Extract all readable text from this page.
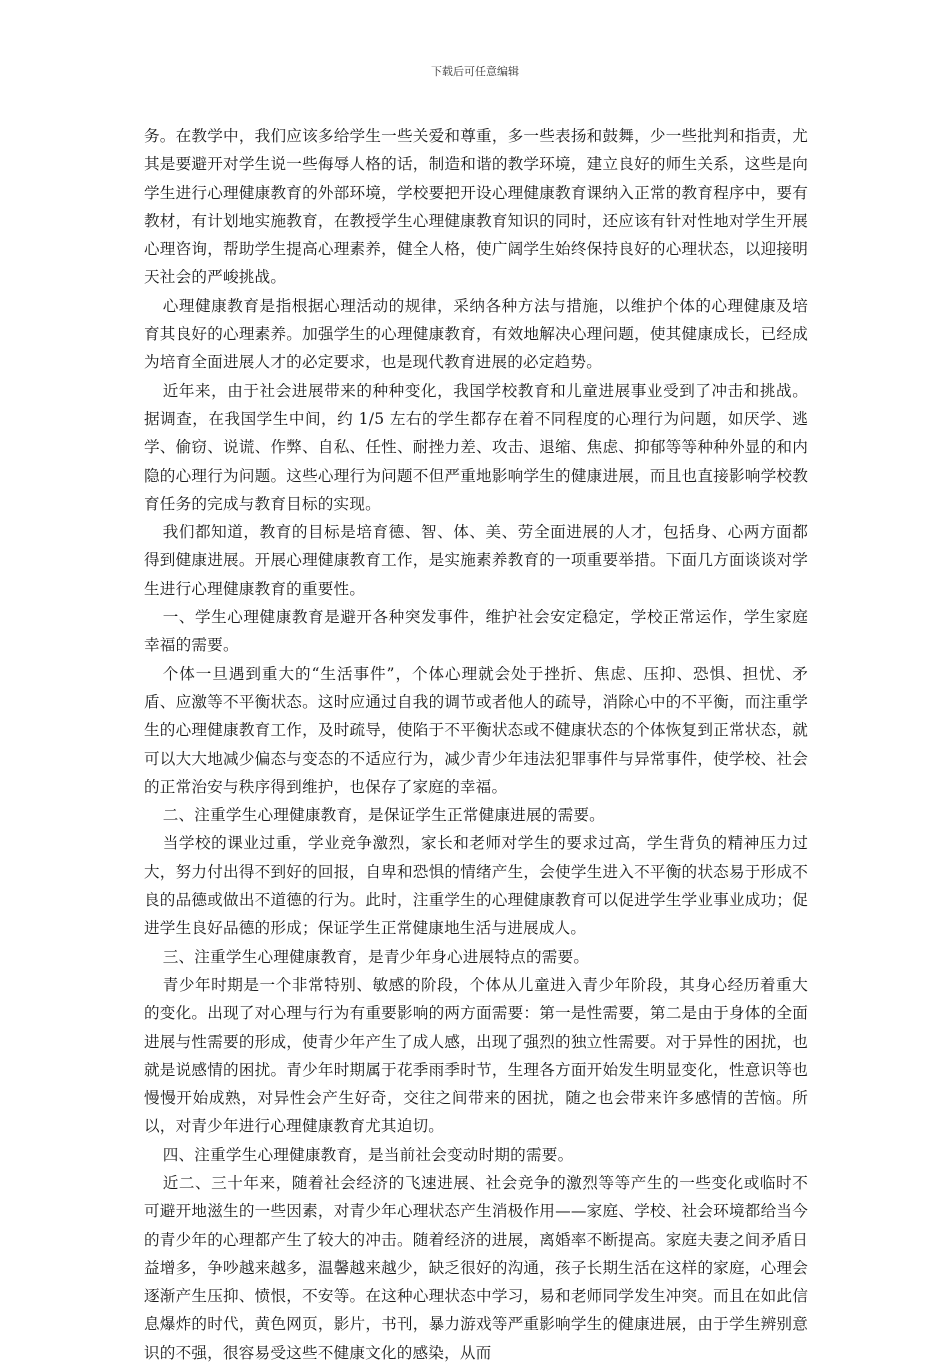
下载后可任意编辑

务。在教学中，我们应该多给学生一些关爱和尊重，多一些表扬和鼓舞，少一些批判和指责，尤其是要避开对学生说一些侮辱人格的话，制造和谐的教学环境，建立良好的师生关系，这些是向学生进行心理健康教育的外部环境，学校要把开设心理健康教育课纳入正常的教育程序中，要有教材，有计划地实施教育，在教授学生心理健康教育知识的同时，还应该有针对性地对学生开展心理咨询，帮助学生提高心理素养，健全人格，使广阔学生始终保持良好的心理状态，以迎接明天社会的严峻挑战。

心理健康教育是指根据心理活动的规律，采纳各种方法与措施，以维护个体的心理健康及培育其良好的心理素养。加强学生的心理健康教育，有效地解决心理问题，使其健康成长，已经成为培育全面进展人才的必定要求，也是现代教育进展的必定趋势。

近年来，由于社会进展带来的种种变化，我国学校教育和儿童进展事业受到了冲击和挑战。据调查，在我国学生中间，约 1/5 左右的学生都存在着不同程度的心理行为问题，如厌学、逃学、偷窃、说谎、作弊、自私、任性、耐挫力差、攻击、退缩、焦虑、抑郁等等种种外显的和内隐的心理行为问题。这些心理行为问题不但严重地影响学生的健康进展，而且也直接影响学校教育任务的完成与教育目标的实现。

我们都知道，教育的目标是培育德、智、体、美、劳全面进展的人才，包括身、心两方面都得到健康进展。开展心理健康教育工作，是实施素养教育的一项重要举措。下面几方面谈谈对学生进行心理健康教育的重要性。

一、学生心理健康教育是避开各种突发事件，维护社会安定稳定，学校正常运作，学生家庭幸福的需要。

个体一旦遇到重大的“生活事件”，个体心理就会处于挫折、焦虑、压抑、恐惧、担忧、矛盾、应激等不平衡状态。这时应通过自我的调节或者他人的疏导，消除心中的不平衡，而注重学生的心理健康教育工作，及时疏导，使陷于不平衡状态或不健康状态的个体恢复到正常状态，就可以大大地减少偏态与变态的不适应行为，减少青少年违法犯罪事件与异常事件，使学校、社会的正常治安与秩序得到维护，也保存了家庭的幸福。

二、注重学生心理健康教育，是保证学生正常健康进展的需要。

当学校的课业过重，学业竞争激烈，家长和老师对学生的要求过高，学生背负的精神压力过大，努力付出得不到好的回报，自卑和恐惧的情绪产生，会使学生进入不平衡的状态易于形成不良的品德或做出不道德的行为。此时，注重学生的心理健康教育可以促进学生学业事业成功；促进学生良好品德的形成；保证学生正常健康地生活与进展成人。

三、注重学生心理健康教育，是青少年身心进展特点的需要。

青少年时期是一个非常特别、敏感的阶段，个体从儿童进入青少年阶段，其身心经历着重大的变化。出现了对心理与行为有重要影响的两方面需要：第一是性需要，第二是由于身体的全面进展与性需要的形成，使青少年产生了成人感，出现了强烈的独立性需要。对于异性的困扰，也就是说感情的困扰。青少年时期属于花季雨季时节，生理各方面开始发生明显变化，性意识等也慢慢开始成熟，对异性会产生好奇，交往之间带来的困扰，随之也会带来许多感情的苦恼。所以，对青少年进行心理健康教育尤其迫切。

四、注重学生心理健康教育，是当前社会变动时期的需要。

近二、三十年来，随着社会经济的飞速进展、社会竞争的激烈等等产生的一些变化或临时不可避开地滋生的一些因素，对青少年心理状态产生消极作用——家庭、学校、社会环境都给当今的青少年的心理都产生了较大的冲击。随着经济的进展，离婚率不断提高。家庭夫妻之间矛盾日益增多，争吵越来越多，温馨越来越少，缺乏很好的沟通，孩子长期生活在这样的家庭，心理会逐渐产生压抑、愤恨，不安等。在这种心理状态中学习，易和老师同学发生冲突。而且在如此信息爆炸的时代，黄色网页，影片，书刊，暴力游戏等严重影响学生的健康进展，由于学生辨别意识的不强，很容易受这些不健康文化的感染，从而
